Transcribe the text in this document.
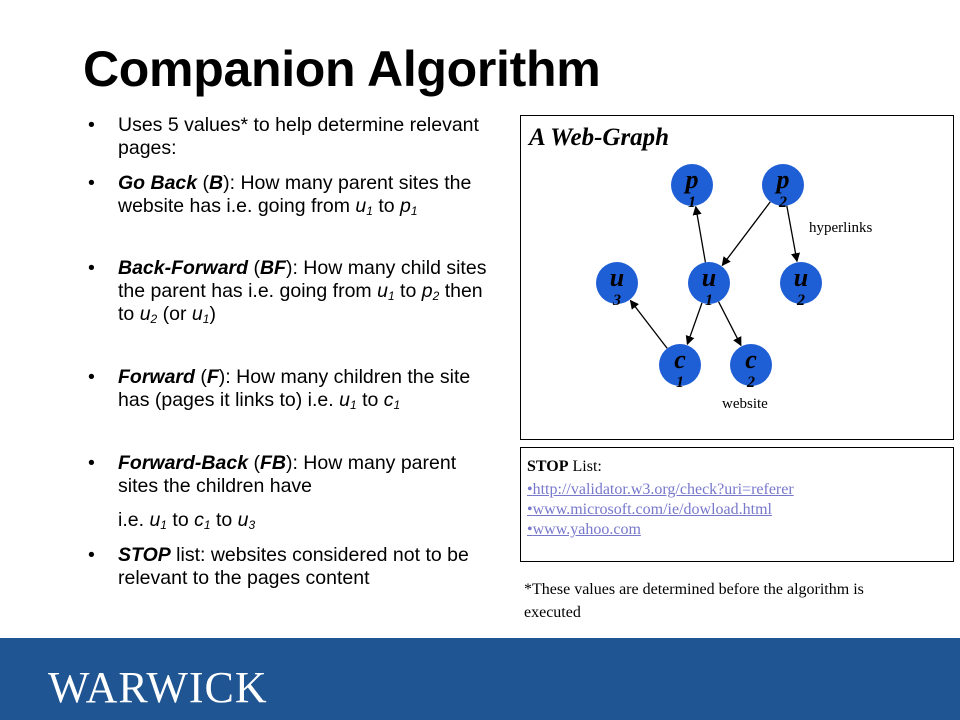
Companion Algorithm
• Uses 5 values* to help determine relevant pages:
• Go Back (B): How many parent sites the website has i.e. going from $u_1$ to $p_1$
• Back-Forward (BF): How many child sites the parent has i.e. going from $u_1$ to $p_2$ then to $u_2$ (or $u_1$)
• Forward (F): How many children the site has (pages it links to) i.e. $u_1$ to $c_1$
• Forward-Back (FB): How many parent sites the children have
i.e. $u_1$ to $c_1$ to $u_3$
• STOP list: websites considered not to be relevant to the pages content
A Web-Graph
p
1
p
2
u
3
u
1
u
2
c
1
c
2
hyperlinks
website
STOP List:
•http://validator.w3.org/check?uri=referer
•www.microsoft.com/ie/dowload.html
•www.yahoo.com
*These values are determined before the algorithm is executed
WARWICK
